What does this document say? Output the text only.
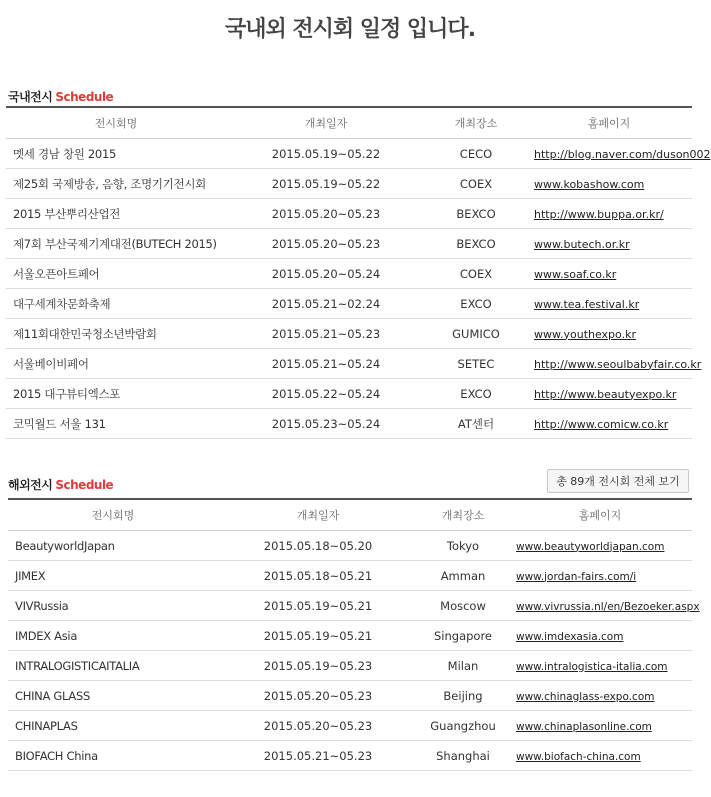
국내외 전시회 일정 입니다.
국내전시 Schedule
전시회명	개최일자	개최장소	홈페이지
멧세 경남 창원 2015	2015.05.19~05.22	CECO	http://blog.naver.com/duson002
제25회 국제방송, 음향, 조명기기전시회	2015.05.19~05.22	COEX	www.kobashow.com
2015 부산뿌리산업전	2015.05.20~05.23	BEXCO	http://www.buppa.or.kr/
제7회 부산국제기계대전(BUTECH 2015)	2015.05.20~05.23	BEXCO	www.butech.or.kr
서울오픈아트페어	2015.05.20~05.24	COEX	www.soaf.co.kr
대구세계차문화축제	2015.05.21~02.24	EXCO	www.tea.festival.kr
제11회대한민국청소년박람회	2015.05.21~05.23	GUMICO	www.youthexpo.kr
서울베이비페어	2015.05.21~05.24	SETEC	http://www.seoulbabyfair.co.kr
2015 대구뷰티엑스포	2015.05.22~05.24	EXCO	http://www.beautyexpo.kr
코믹월드 서울 131	2015.05.23~05.24	AT센터	http://www.comicw.co.kr
해외전시 Schedule	총 89개 전시회 전체 보기
전시회명	개최일자	개최장소	홈페이지
BeautyworldJapan	2015.05.18~05.20	Tokyo	www.beautyworldjapan.com
JIMEX	2015.05.18~05.21	Amman	www.jordan-fairs.com/i
VIVRussia	2015.05.19~05.21	Moscow	www.vivrussia.nl/en/Bezoeker.aspx
IMDEX Asia	2015.05.19~05.21	Singapore	www.imdexasia.com
INTRALOGISTICAITALIA	2015.05.19~05.23	Milan	www.intralogistica-italia.com
CHINA GLASS	2015.05.20~05.23	Beijing	www.chinaglass-expo.com
CHINAPLAS	2015.05.20~05.23	Guangzhou	www.chinaplasonline.com
BIOFACH China	2015.05.21~05.23	Shanghai	www.biofach-china.com
